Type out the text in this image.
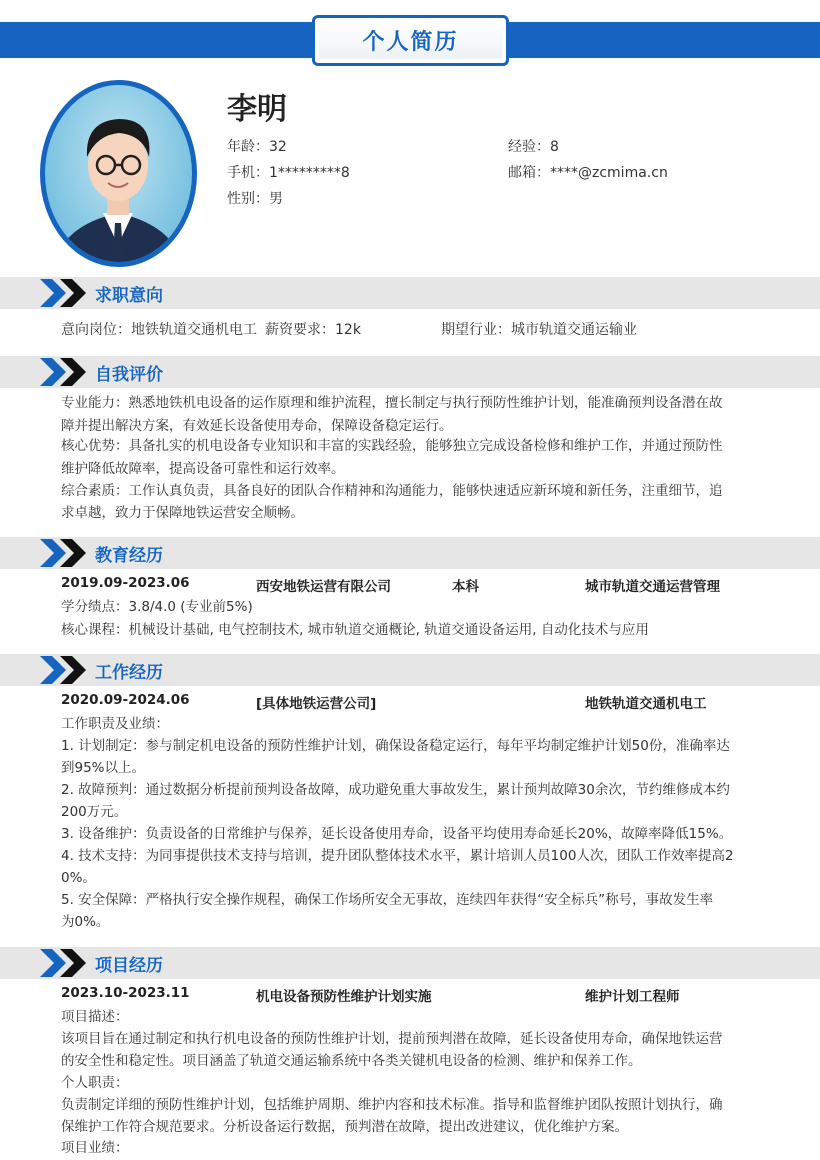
个人简历
李明
年龄：32	经验：8
手机：1*********8	邮箱：****@zcmima.cn
性别：男
求职意向
意向岗位：地铁轨道交通机电工 薪资要求：12k	期望行业：城市轨道交通运输业
自我评价
专业能力：熟悉地铁机电设备的运作原理和维护流程，擅长制定与执行预防性维护计划，能准确预判设备潜在故
障并提出解决方案，有效延长设备使用寿命，保障设备稳定运行。
核心优势：具备扎实的机电设备专业知识和丰富的实践经验，能够独立完成设备检修和维护工作，并通过预防性
维护降低故障率，提高设备可靠性和运行效率。
综合素质：工作认真负责，具备良好的团队合作精神和沟通能力，能够快速适应新环境和新任务，注重细节，追
求卓越，致力于保障地铁运营安全顺畅。
教育经历
2019.09-2023.06	西安地铁运营有限公司	本科	城市轨道交通运营管理
学分绩点：3.8/4.0 (专业前5%)
核心课程：机械设计基础, 电气控制技术, 城市轨道交通概论, 轨道交通设备运用, 自动化技术与应用
工作经历
2020.09-2024.06	[具体地铁运营公司]	地铁轨道交通机电工
工作职责及业绩：
1. 计划制定：参与制定机电设备的预防性维护计划，确保设备稳定运行，每年平均制定维护计划50份，准确率达
到95%以上。
2. 故障预判：通过数据分析提前预判设备故障，成功避免重大事故发生，累计预判故障30余次，节约维修成本约
200万元。
3. 设备维护：负责设备的日常维护与保养，延长设备使用寿命，设备平均使用寿命延长20%，故障率降低15%。
4. 技术支持：为同事提供技术支持与培训，提升团队整体技术水平，累计培训人员100人次，团队工作效率提高2
0%。
5. 安全保障：严格执行安全操作规程，确保工作场所安全无事故，连续四年获得“安全标兵”称号，事故发生率
为0%。
项目经历
2023.10-2023.11	机电设备预防性维护计划实施	维护计划工程师
项目描述：
该项目旨在通过制定和执行机电设备的预防性维护计划，提前预判潜在故障，延长设备使用寿命，确保地铁运营
的安全性和稳定性。项目涵盖了轨道交通运输系统中各类关键机电设备的检测、维护和保养工作。
个人职责：
负责制定详细的预防性维护计划，包括维护周期、维护内容和技术标准。指导和监督维护团队按照计划执行，确
保维护工作符合规范要求。分析设备运行数据，预判潜在故障，提出改进建议，优化维护方案。
项目业绩：
